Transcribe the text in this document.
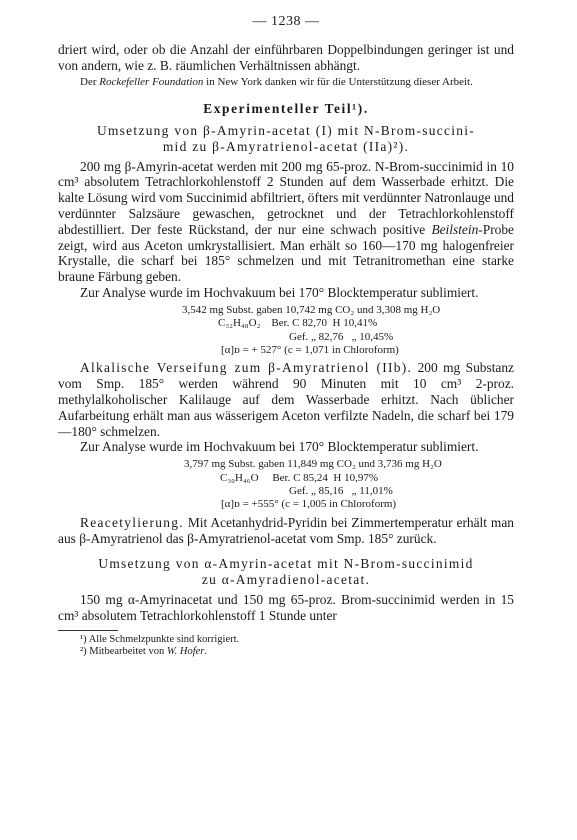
— 1238 —

driert wird, oder ob die Anzahl der einführbaren Doppelbindungen geringer ist und von andern, wie z. B. räumlichen Verhältnissen abhängt.

Der Rockefeller Foundation in New York danken wir für die Unterstützung dieser Arbeit.

Experimenteller Teil¹).
Umsetzung von β-Amyrin-acetat (I) mit N-Brom-succini-
mid zu β-Amyratrienol-acetat (IIa)²).

200 mg β-Amyrin-acetat werden mit 200 mg 65-proz. N-Brom-succinimid in 10 cm³ absolutem Tetrachlorkohlenstoff 2 Stunden auf dem Wasserbade erhitzt. Die kalte Lösung wird vom Succinimid abfiltriert, öfters mit verdünnter Natronlauge und verdünnter Salzsäure gewaschen, getrocknet und der Tetrachlorkohlenstoff abdestilliert. Der feste Rückstand, der nur eine schwach positive Beilstein-Probe zeigt, wird aus Aceton umkrystallisiert. Man erhält so 160—170 mg halogenfreier Krystalle, die scharf bei 185° schmelzen und mit Tetranitromethan eine starke braune Färbung geben.

Zur Analyse wurde im Hochvakuum bei 170° Blocktemperatur sublimiert.

3,542 mg Subst. gaben 10,742 mg CO₂ und 3,308 mg H₂O
C₃₂H₄₈O₂    Ber. C 82,70  H 10,41%
Gef. „ 82,76   „ 10,45%
[α]ᴅ = + 527° (c = 1,071 in Chloroform)

Alkalische Verseifung zum β-Amyratrienol (IIb). 200 mg Substanz vom Smp. 185° werden während 90 Minuten mit 10 cm³ 2-proz. methylalkoholischer Kalilauge auf dem Wasserbade erhitzt. Nach üblicher Aufarbeitung erhält man aus wässerigem Aceton verfilzte Nadeln, die scharf bei 179—180° schmelzen.

Zur Analyse wurde im Hochvakuum bei 170° Blocktemperatur sublimiert.

3,797 mg Subst. gaben 11,849 mg CO₂ und 3,736 mg H₂O
C₃₀H₄₆O     Ber. C 85,24  H 10,97%
Gef. „ 85,16   „ 11,01%
[α]ᴅ = +555° (c = 1,005 in Chloroform)

Reacetylierung. Mit Acetanhydrid-Pyridin bei Zimmertemperatur erhält man aus β-Amyratrienol das β-Amyratrienol-acetat vom Smp. 185° zurück.

Umsetzung von α-Amyrin-acetat mit N-Brom-succinimid
zu α-Amyradienol-acetat.

150 mg α-Amyrinacetat und 150 mg 65-proz. Brom-succinimid werden in 15 cm³ absolutem Tetrachlorkohlenstoff 1 Stunde unter

¹) Alle Schmelzpunkte sind korrigiert.
²) Mitbearbeitet von W. Hofer.
